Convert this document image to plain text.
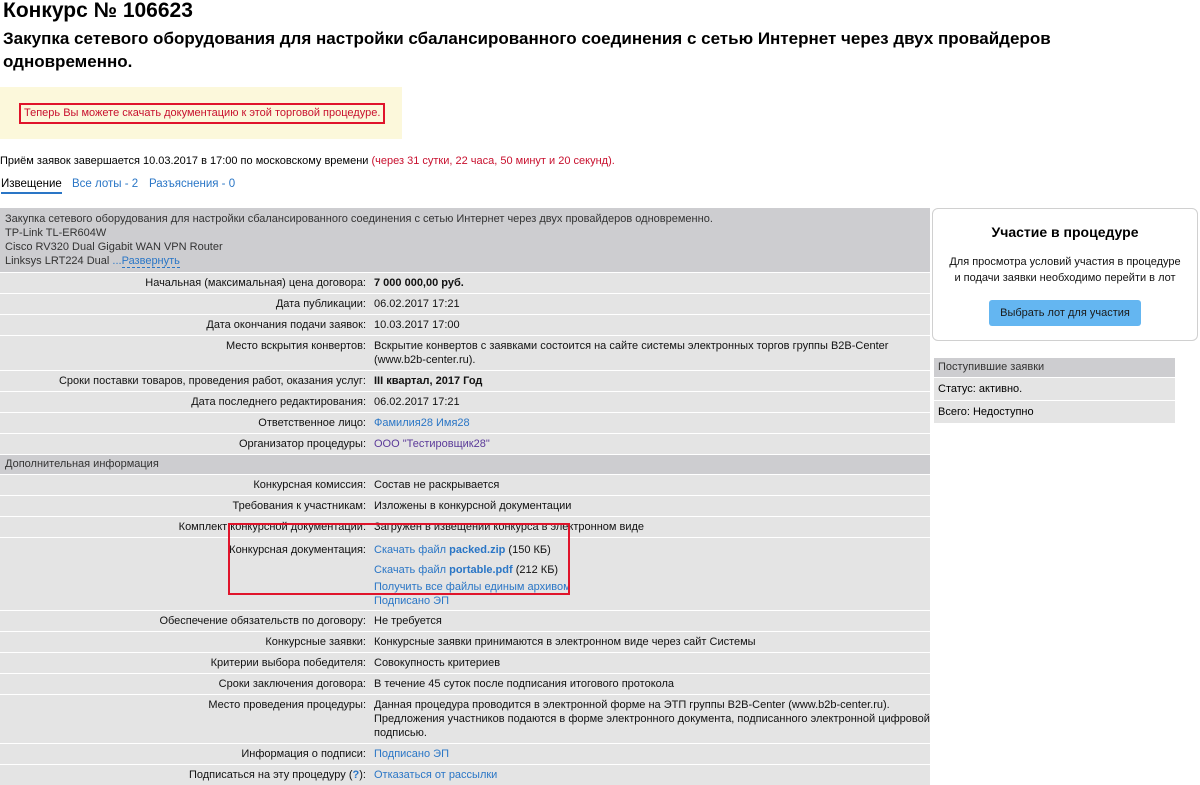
Конкурс № 106623
Закупка сетевого оборудования для настройки сбалансированного соединения с сетью Интернет через двух провайдеров одновременно.
Теперь Вы можете скачать документацию к этой торговой процедуре.
Приём заявок завершается 10.03.2017 в 17:00 по московскому времени (через 31 сутки, 22 часа, 50 минут и 20 секунд).
Извещение Все лоты - 2 Разъяснения - 0
Закупка сетевого оборудования для настройки сбалансированного соединения с сетью Интернет через двух провайдеров одновременно.
TP-Link TL-ER604W
Cisco RV320 Dual Gigabit WAN VPN Router
Linksys LRT224 Dual ...Развернуть
Начальная (максимальная) цена договора: 7 000 000,00 руб.
Дата публикации: 06.02.2017 17:21
Дата окончания подачи заявок: 10.03.2017 17:00
Место вскрытия конвертов: Вскрытие конвертов с заявками состоится на сайте системы электронных торгов группы B2B-Center (www.b2b-center.ru).
Сроки поставки товаров, проведения работ, оказания услуг: III квартал, 2017 Год
Дата последнего редактирования: 06.02.2017 17:21
Ответственное лицо: Фамилия28 Имя28
Организатор процедуры: ООО "Тестировщик28"
Дополнительная информация
Конкурсная комиссия: Состав не раскрывается
Требования к участникам: Изложены в конкурсной документации
Комплект конкурсной документации: Загружен в извещении конкурса в электронном виде
Конкурсная документация: Скачать файл packed.zip (150 КБ)
Скачать файл portable.pdf (212 КБ)
Получить все файлы единым архивом
Подписано ЭП
Обеспечение обязательств по договору: Не требуется
Конкурсные заявки: Конкурсные заявки принимаются в электронном виде через сайт Системы
Критерии выбора победителя: Совокупность критериев
Сроки заключения договора: В течение 45 суток после подписания итогового протокола
Место проведения процедуры: Данная процедура проводится в электронной форме на ЭТП группы B2B-Center (www.b2b-center.ru). Предложения участников подаются в форме электронного документа, подписанного электронной цифровой подписью.
Информация о подписи: Подписано ЭП
Подписаться на эту процедуру (?): Отказаться от рассылки
Участие в процедуре
Для просмотра условий участия в процедуре и подачи заявки необходимо перейти в лот
Выбрать лот для участия
Поступившие заявки
Статус: активно.
Всего: Недоступно
